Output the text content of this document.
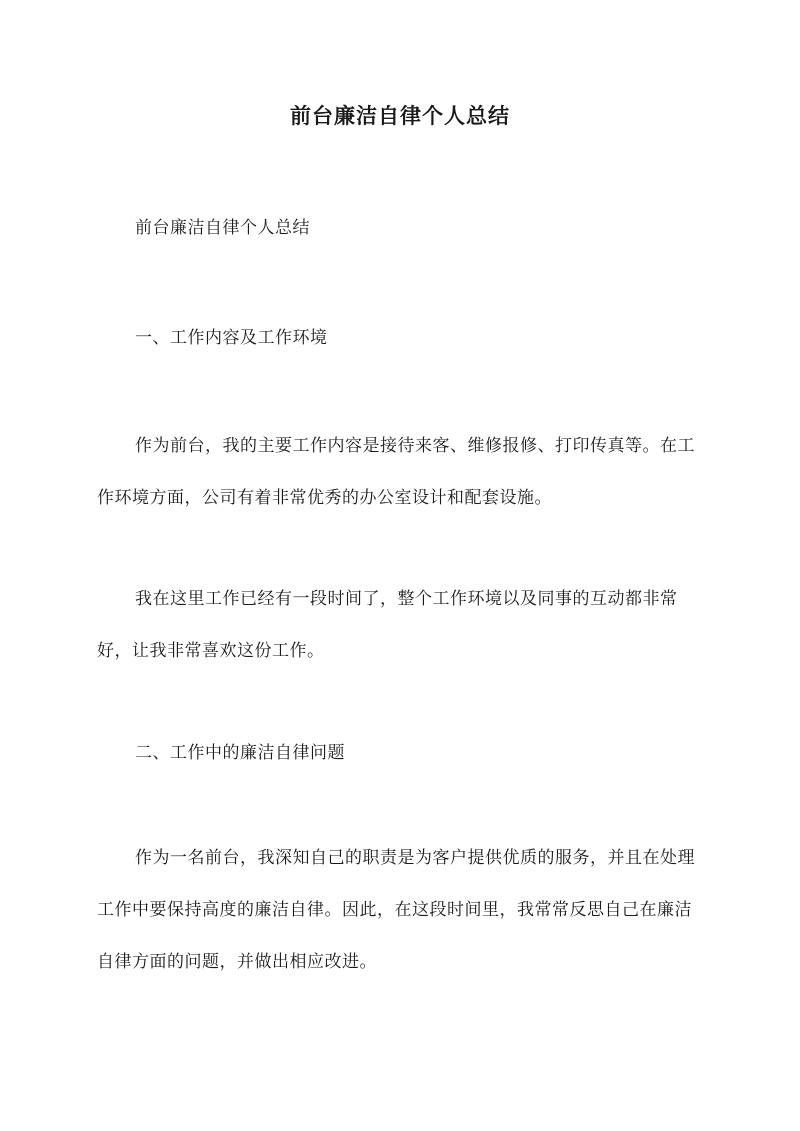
前台廉洁自律个人总结

前台廉洁自律个人总结

一、工作内容及工作环境

作为前台，我的主要工作内容是接待来客、维修报修、打印传真等。在工作环境方面，公司有着非常优秀的办公室设计和配套设施。

我在这里工作已经有一段时间了，整个工作环境以及同事的互动都非常好，让我非常喜欢这份工作。

二、工作中的廉洁自律问题

作为一名前台，我深知自己的职责是为客户提供优质的服务，并且在处理工作中要保持高度的廉洁自律。因此，在这段时间里，我常常反思自己在廉洁自律方面的问题，并做出相应改进。
